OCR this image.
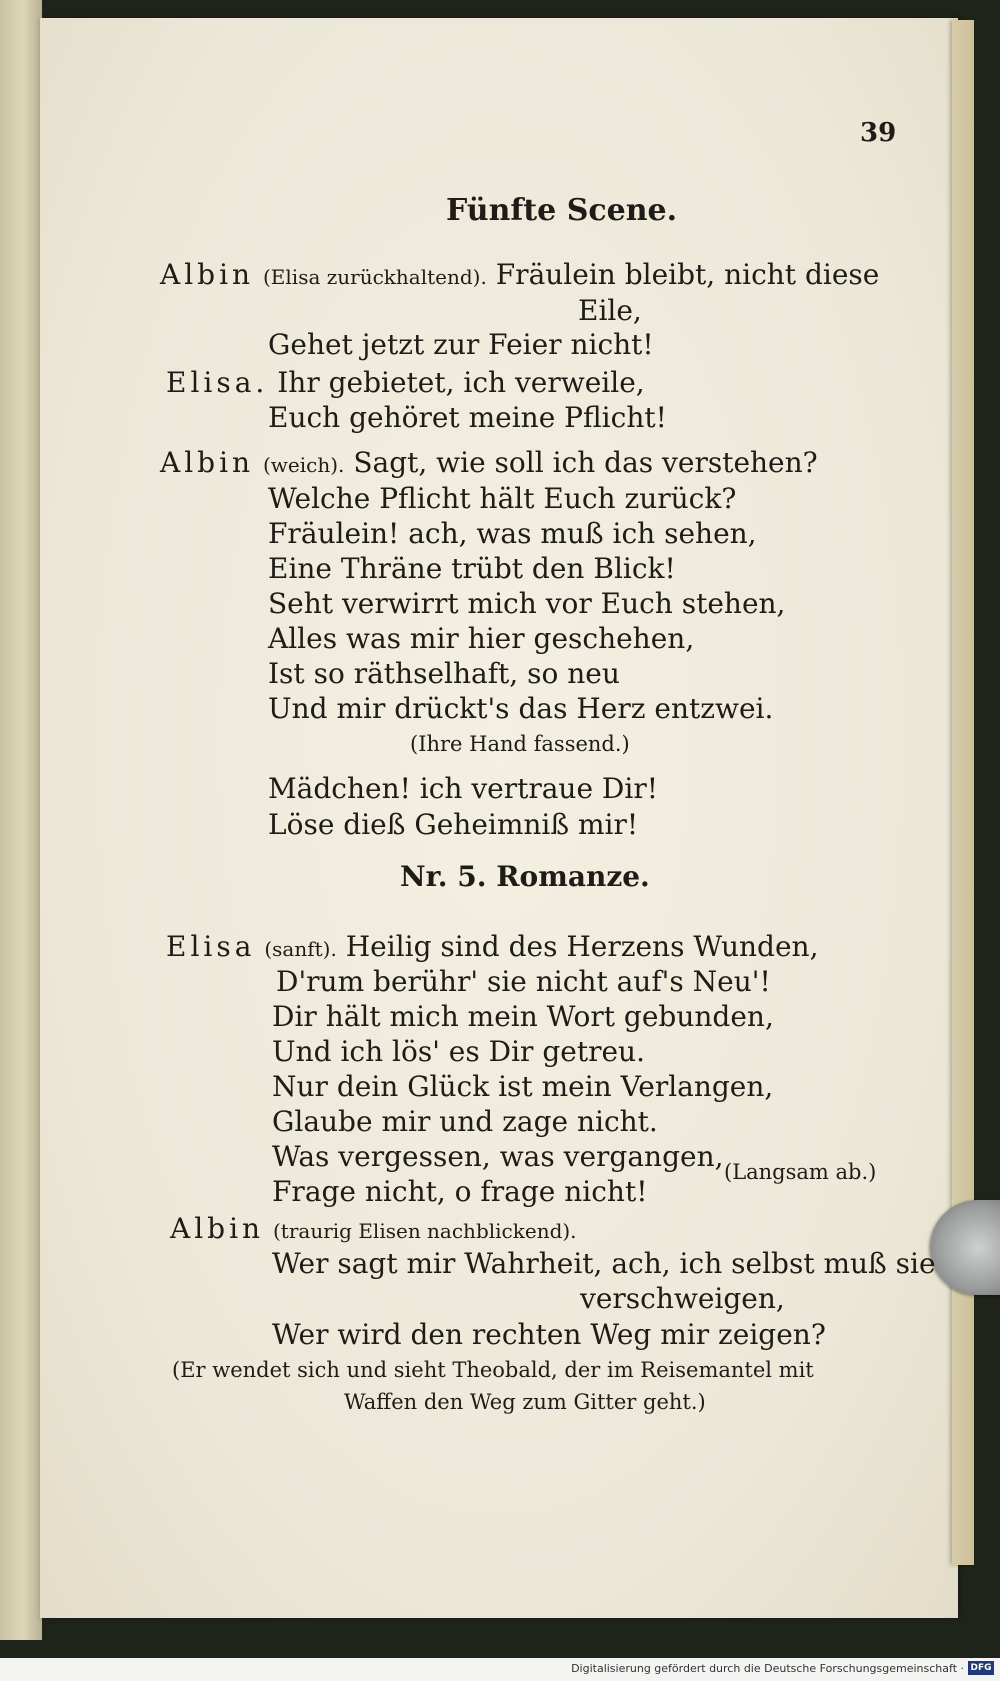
39
Fünfte Scene.
Albin (Elisa zurückhaltend). Fräulein bleibt, nicht diese
Eile,
Gehet jetzt zur Feier nicht!
Elisa. Ihr gebietet, ich verweile,
Euch gehöret meine Pflicht!
Albin (weich). Sagt, wie soll ich das verstehen?
Welche Pflicht hält Euch zurück?
Fräulein! ach, was muß ich sehen,
Eine Thräne trübt den Blick!
Seht verwirrt mich vor Euch stehen,
Alles was mir hier geschehen,
Ist so räthselhaft, so neu
Und mir drückt's das Herz entzwei.
(Ihre Hand fassend.)
Mädchen! ich vertraue Dir!
Löse dieß Geheimniß mir!
Nr. 5. Romanze.
Elisa (sanft). Heilig sind des Herzens Wunden,
D'rum berühr' sie nicht auf's Neu'!
Dir hält mich mein Wort gebunden,
Und ich lös' es Dir getreu.
Nur dein Glück ist mein Verlangen,
Glaube mir und zage nicht.
Was vergessen, was vergangen,
Frage nicht, o frage nicht!
(Langsam ab.)
Albin (traurig Elisen nachblickend).
Wer sagt mir Wahrheit, ach, ich selbst muß sie
verschweigen,
Wer wird den rechten Weg mir zeigen?
(Er wendet sich und sieht Theobald, der im Reisemantel mit
Waffen den Weg zum Gitter geht.)
Digitalisierung gefördert durch die Deutsche Forschungsgemeinschaft · DFG
